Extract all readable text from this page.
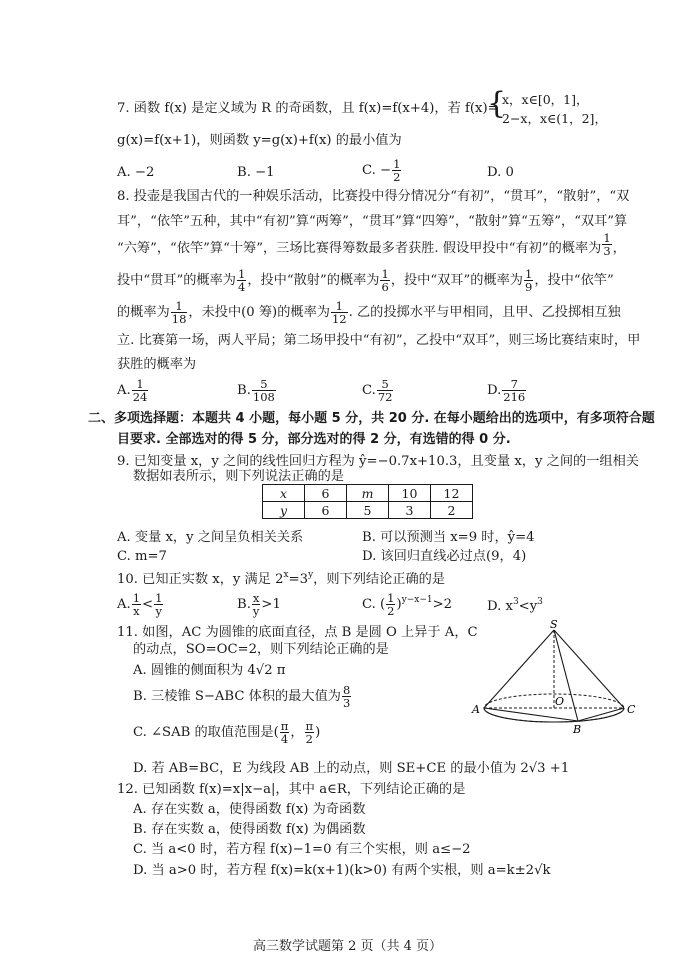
7. 函数 f(x) 是定义域为 R 的奇函数，且 f(x)=f(x+4)，若 f(x)=
{
x，x∈[0，1]，
2−x，x∈(1，2]，
g(x)=f(x+1)，则函数 y=g(x)+f(x) 的最小值为
A. −2	B. −1	C. − $\frac{1}{2}$	D. 0
8. 投壶是我国古代的一种娱乐活动，比赛投中得分情况分“有初”，“贯耳”，“散射”，“双
耳”，“依竿”五种，其中“有初”算“两筹”，“贯耳”算“四筹”，“散射”算“五筹”，“双耳”算
“六筹”，“依竿”算“十筹”，三场比赛得筹数最多者获胜. 假设甲投中“有初”的概率为 $\frac{1}{3}$ ，
投中“贯耳”的概率为 $\frac{1}{4}$ ，投中“散射”的概率为 $\frac{1}{6}$ ，投中“双耳”的概率为 $\frac{1}{9}$ ，投中“依竿”
的概率为 $\frac{1}{18}$ ，未投中(0 筹)的概率为 $\frac{1}{12}$ . 乙的投掷水平与甲相同，且甲、乙投掷相互独
立. 比赛第一场，两人平局；第二场甲投中“有初”，乙投中“双耳”，则三场比赛结束时，甲
获胜的概率为
A. $\frac{1}{24}$	B. $\frac{5}{108}$	C. $\frac{5}{72}$	D. $\frac{7}{216}$
二、多项选择题：本题共 4 小题，每小题 5 分，共 20 分. 在每小题给出的选项中，有多项符合题
目要求. 全部选对的得 5 分，部分选对的得 2 分，有选错的得 0 分.
9. 已知变量 x，y 之间的线性回归方程为 ŷ=−0.7x+10.3，且变量 x，y 之间的一组相关
数据如表所示，则下列说法正确的是
x	6	m	10	12
y	6	5	3	2
A. 变量 x，y 之间呈负相关关系	B. 可以预测当 x=9 时，ŷ=4
C. m=7	D. 该回归直线必过点(9，4)
10. 已知正实数 x，y 满足 $2^x=3^y$，则下列结论正确的是
A. $\frac{1}{x} < \frac{1}{y}$	B. $\frac{x}{y} >1$	C. ( $\frac{1}{2} )^{y-x-1}>2$	D. $x^3<y^3$
11. 如图，AC 为圆锥的底面直径，点 B 是圆 O 上异于 A，C
的动点，SO=OC=2，则下列结论正确的是
A. 圆锥的侧面积为 4√2 π
B. 三棱锥 S−ABC 体积的最大值为 $\frac{8}{3}$
C. ∠SAB 的取值范围是( $\frac{\pi}{4}$ ， $\frac{\pi}{2}$ )
D. 若 AB=BC，E 为线段 AB 上的动点，则 SE+CE 的最小值为 2√3 +1
S
A	C
B
O
12. 已知函数 f(x)=x|x−a|，其中 a∈R，下列结论正确的是
A. 存在实数 a，使得函数 f(x) 为奇函数
B. 存在实数 a，使得函数 f(x) 为偶函数
C. 当 a<0 时，若方程 f(x)−1=0 有三个实根，则 a≤−2
D. 当 a>0 时，若方程 f(x)=k(x+1)(k>0) 有两个实根，则 a=k±2√k
高三数学试题第 2 页（共 4 页）
